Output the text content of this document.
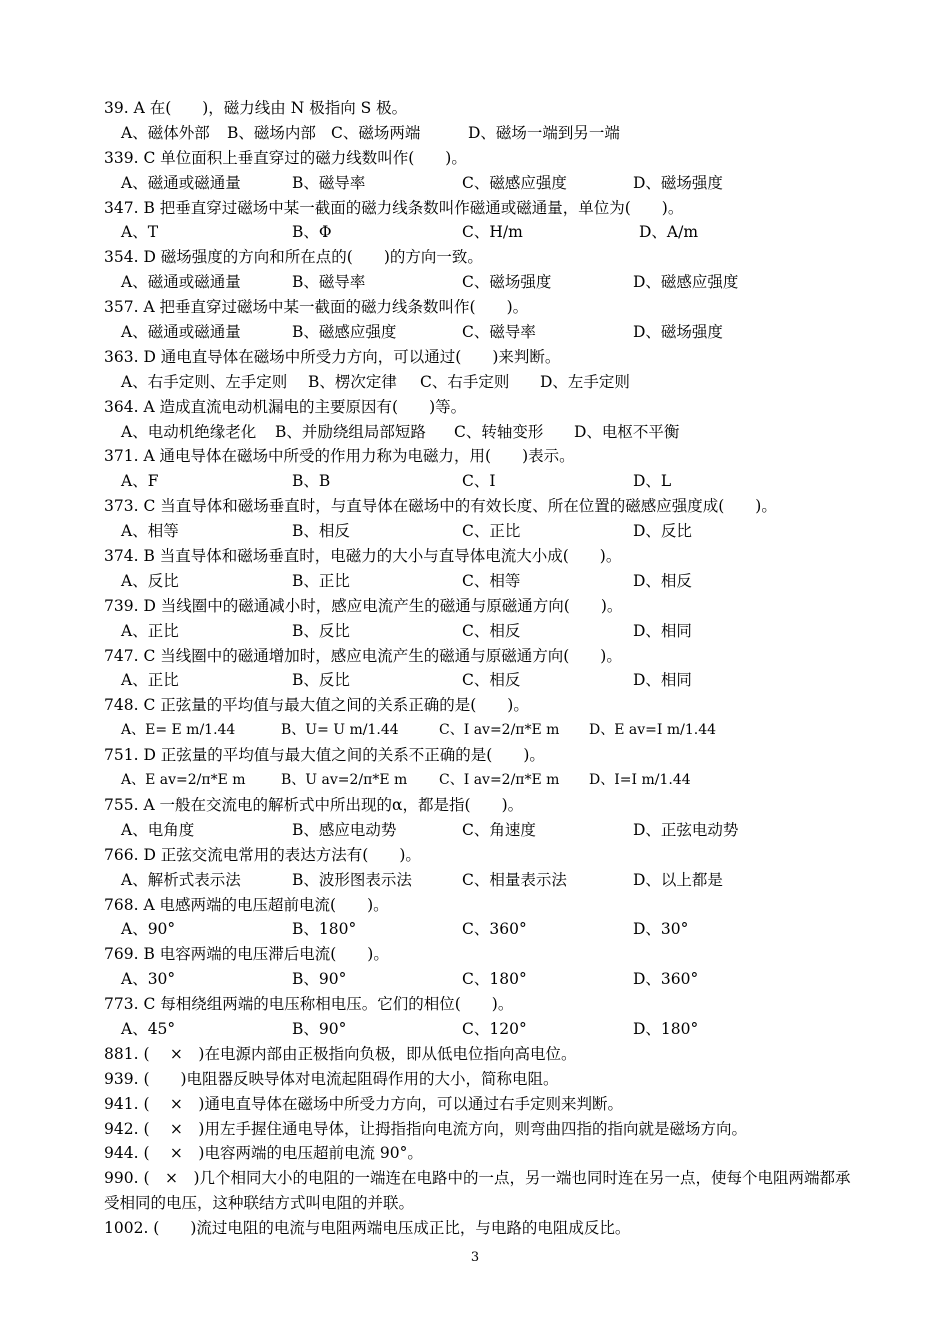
39. A 在(　　)，磁力线由 N 极指向 S 极。
A、磁体外部 B、磁场内部 C、磁场两端	D、磁场一端到另一端
339. C 单位面积上垂直穿过的磁力线数叫作(　　)。
A、磁通或磁通量	B、磁导率	C、磁感应强度	D、磁场强度
347. B 把垂直穿过磁场中某一截面的磁力线条数叫作磁通或磁通量，单位为(　　)。
A、T	B、Φ	C、H/m	D、A/m
354. D 磁场强度的方向和所在点的(　　)的方向一致。
A、磁通或磁通量	B、磁导率	C、磁场强度	D、磁感应强度
357. A 把垂直穿过磁场中某一截面的磁力线条数叫作(　　)。
A、磁通或磁通量	B、磁感应强度	C、磁导率	D、磁场强度
363. D 通电直导体在磁场中所受力方向，可以通过(　　)来判断。
A、右手定则、左手定则 B、楞次定律 C、右手定则 D、左手定则
364. A 造成直流电动机漏电的主要原因有(　　)等。
A、电动机绝缘老化 B、并励绕组局部短路 C、转轴变形 D、电枢不平衡
371. A 通电导体在磁场中所受的作用力称为电磁力，用(　　)表示。
A、F	B、B	C、I	D、L
373. C 当直导体和磁场垂直时，与直导体在磁场中的有效长度、所在位置的磁感应强度成(　　)。
A、相等	B、相反	C、正比	D、反比
374. B 当直导体和磁场垂直时，电磁力的大小与直导体电流大小成(　　)。
A、反比	B、正比	C、相等	D、相反
739. D 当线圈中的磁通减小时，感应电流产生的磁通与原磁通方向(　　)。
A、正比	B、反比	C、相反	D、相同
747. C 当线圈中的磁通增加时，感应电流产生的磁通与原磁通方向(　　)。
A、正比	B、反比	C、相反	D、相同
748. C 正弦量的平均值与最大值之间的关系正确的是(　　)。
A、E= E m/1.44	B、U= U m/1.44	C、I av=2/π*E m D、E av=I m/1.44
751. D 正弦量的平均值与最大值之间的关系不正确的是(　　)。
A、E av=2/π*E m	B、U av=2/π*E m C、I av=2/π*E m D、I=I m/1.44
755. A 一般在交流电的解析式中所出现的α，都是指(　　)。
A、电角度	B、感应电动势	C、角速度	D、正弦电动势
766. D 正弦交流电常用的表达方法有(　　)。
A、解析式表示法	B、波形图表示法	C、相量表示法	D、以上都是
768. A 电感两端的电压超前电流(　　)。
A、90°	B、180°	C、360°	D、30°
769. B 电容两端的电压滞后电流(　　)。
A、30°	B、90°	C、180°	D、360°
773. C 每相绕组两端的电压称相电压。它们的相位(　　)。
A、45°	B、90°	C、120°	D、180°
881. (　 ×　)在电源内部由正极指向负极，即从低电位指向高电位。
939. (　　)电阻器反映导体对电流起阻碍作用的大小，简称电阻。
941. (　 ×　)通电直导体在磁场中所受力方向，可以通过右手定则来判断。
942. (　 ×　)用左手握住通电导体，让拇指指向电流方向，则弯曲四指的指向就是磁场方向。
944. (　 ×　)电容两端的电压超前电流 90°。
990. (　×　)几个相同大小的电阻的一端连在电路中的一点，另一端也同时连在另一点，使每个电阻两端都承受相同的电压，这种联结方式叫电阻的并联。
1002. (　　)流过电阻的电流与电阻两端电压成正比，与电路的电阻成反比。
3
